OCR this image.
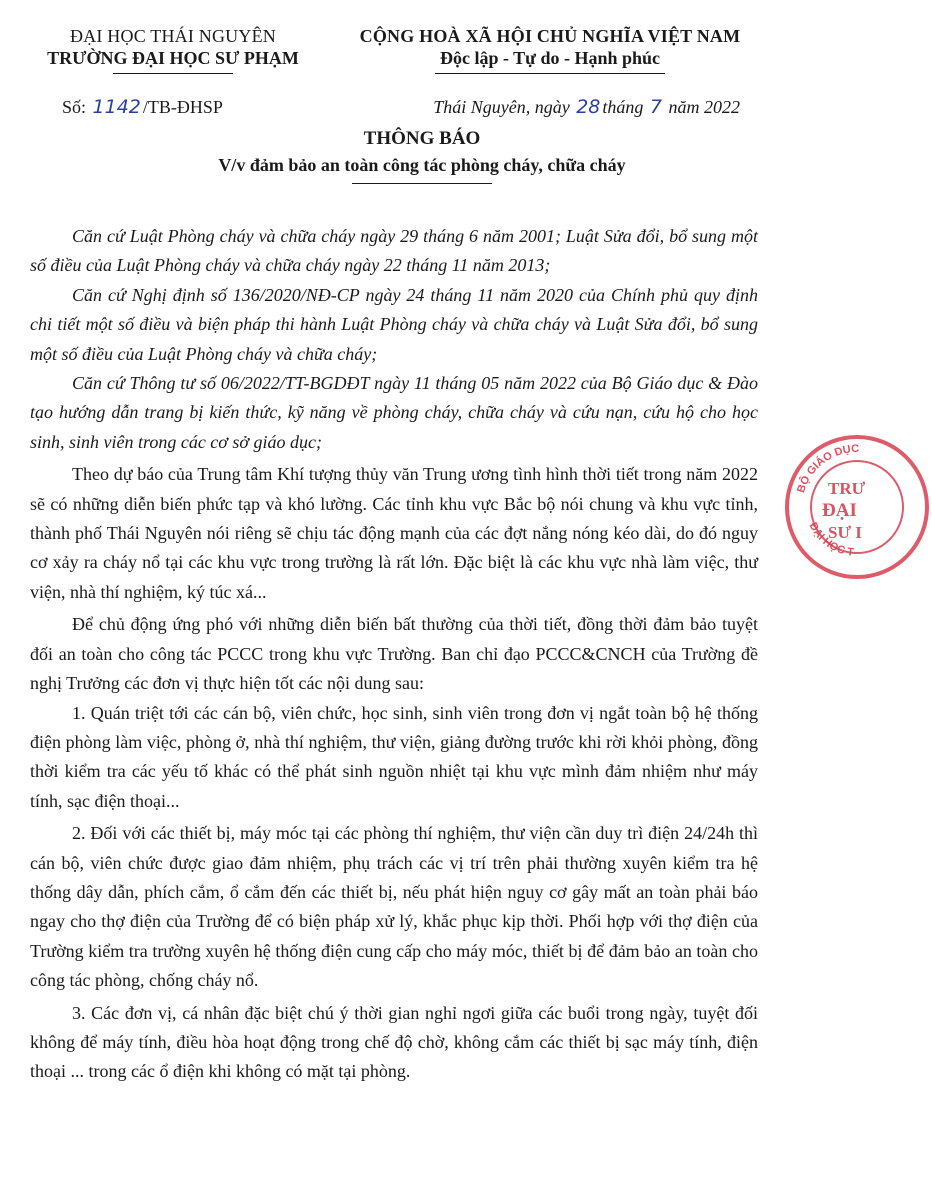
ĐẠI HỌC THÁI NGUYÊN
TRƯỜNG ĐẠI HỌC SƯ PHẠM
CỘNG HOÀ XÃ HỘI CHỦ NGHĨA VIỆT NAM
Độc lập - Tự do - Hạnh phúc
Số: 1142 /TB-ĐHSP	Thái Nguyên, ngày 28 tháng 7 năm 2022
THÔNG BÁO
V/v đảm bảo an toàn công tác phòng cháy, chữa cháy

Căn cứ Luật Phòng cháy và chữa cháy ngày 29 tháng 6 năm 2001; Luật Sửa đổi, bổ sung một số điều của Luật Phòng cháy và chữa cháy ngày 22 tháng 11 năm 2013;

Căn cứ Nghị định số 136/2020/NĐ-CP ngày 24 tháng 11 năm 2020 của Chính phủ quy định chi tiết một số điều và biện pháp thi hành Luật Phòng cháy và chữa cháy và Luật Sửa đổi, bổ sung một số điều của Luật Phòng cháy và chữa cháy;

Căn cứ Thông tư số 06/2022/TT-BGDĐT ngày 11 tháng 05 năm 2022 của Bộ Giáo dục & Đào tạo hướng dẫn trang bị kiến thức, kỹ năng về phòng cháy, chữa cháy và cứu nạn, cứu hộ cho học sinh, sinh viên trong các cơ sở giáo dục;

Theo dự báo của Trung tâm Khí tượng thủy văn Trung ương tình hình thời tiết trong năm 2022 sẽ có những diễn biến phức tạp và khó lường. Các tỉnh khu vực Bắc bộ nói chung và khu vực tỉnh, thành phố Thái Nguyên nói riêng sẽ chịu tác động mạnh của các đợt nắng nóng kéo dài, do đó nguy cơ xảy ra cháy nổ tại các khu vực trong trường là rất lớn. Đặc biệt là các khu vực nhà làm việc, thư viện, nhà thí nghiệm, ký túc xá...

Để chủ động ứng phó với những diễn biến bất thường của thời tiết, đồng thời đảm bảo tuyệt đối an toàn cho công tác PCCC trong khu vực Trường. Ban chỉ đạo PCCC&CNCH của Trường đề nghị Trưởng các đơn vị thực hiện tốt các nội dung sau:

1. Quán triệt tới các cán bộ, viên chức, học sinh, sinh viên trong đơn vị ngắt toàn bộ hệ thống điện phòng làm việc, phòng ở, nhà thí nghiệm, thư viện, giảng đường trước khi rời khỏi phòng, đồng thời kiểm tra các yếu tố khác có thể phát sinh nguồn nhiệt tại khu vực mình đảm nhiệm như máy tính, sạc điện thoại...

2. Đối với các thiết bị, máy móc tại các phòng thí nghiệm, thư viện cần duy trì điện 24/24h thì cán bộ, viên chức được giao đảm nhiệm, phụ trách các vị trí trên phải thường xuyên kiểm tra hệ thống dây dẫn, phích cắm, ổ cắm đến các thiết bị, nếu phát hiện nguy cơ gây mất an toàn phải báo ngay cho thợ điện của Trường để có biện pháp xử lý, khắc phục kịp thời. Phối hợp với thợ điện của Trường kiểm tra trường xuyên hệ thống điện cung cấp cho máy móc, thiết bị để đảm bảo an toàn cho công tác phòng, chống cháy nổ.

3. Các đơn vị, cá nhân đặc biệt chú ý thời gian nghỉ ngơi giữa các buổi trong ngày, tuyệt đối không để máy tính, điều hòa hoạt động trong chế độ chờ, không cắm các thiết bị sạc máy tính, điện thoại ... trong các ổ điện khi không có mặt tại phòng.

BỘ GIÁO DỤC
ĐẠI HỌC T
TRƯ
ĐẠI
SƯ I
